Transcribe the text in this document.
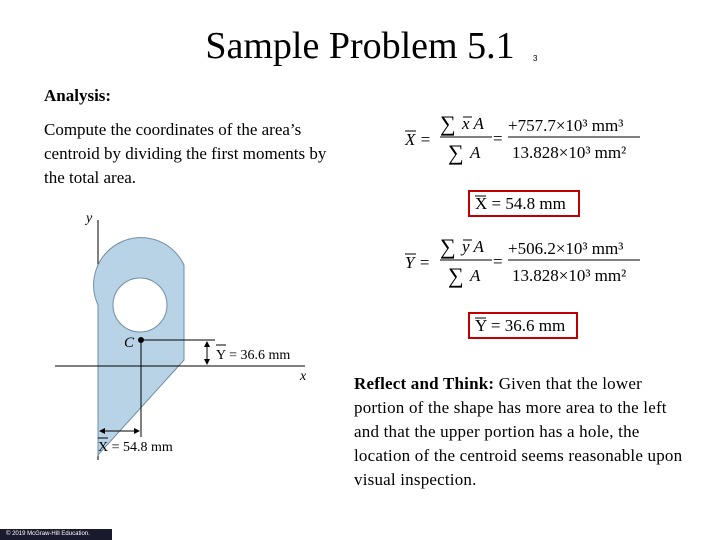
Sample Problem 5.1	3
Analysis:
Compute the coordinates of the area’s centroid by dividing the first moments by the total area.
y
x
C
Y = 36.6 mm
X = 54.8 mm
X =
∑ x A
∑ A
=
+757.7×10³ mm³
13.828×10³ mm²
X = 54.8 mm
Y =
∑ y A
∑ A
=
+506.2×10³ mm³
13.828×10³ mm²
Y = 36.6 mm
Reflect and Think: Given that the lower portion of the shape has more area to the left and that the upper portion has a hole, the location of the centroid seems reasonable upon visual inspection.
© 2019 McGraw-Hill Education.
